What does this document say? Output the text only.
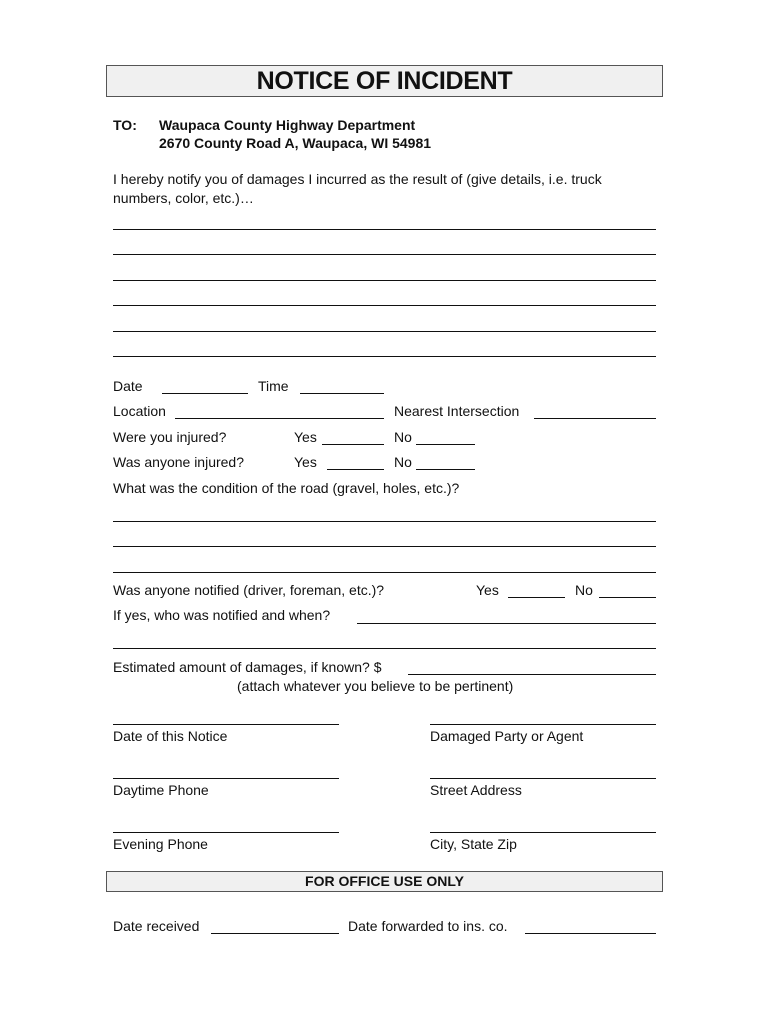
NOTICE OF INCIDENT
TO: Waupaca County Highway Department
2670 County Road A, Waupaca, WI 54981
I hereby notify you of damages I incurred as the result of (give details, i.e. truck
numbers, color, etc.)…
Date	Time
Location	Nearest Intersection
Were you injured?	Yes	No
Was anyone injured?	Yes	No
What was the condition of the road (gravel, holes, etc.)?
Was anyone notified (driver, foreman, etc.)?	Yes	No
If yes, who was notified and when?
Estimated amount of damages, if known? $
(attach whatever you believe to be pertinent)
Date of this Notice	Damaged Party or Agent
Daytime Phone	Street Address
Evening Phone	City, State Zip
FOR OFFICE USE ONLY
Date received	Date forwarded to ins. co.
